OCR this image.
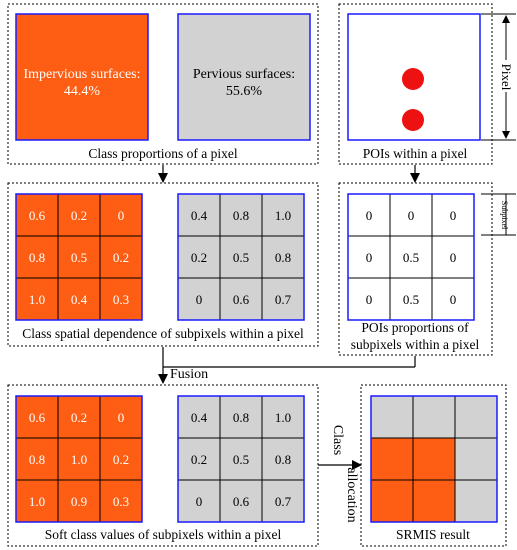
Impervious surfaces:
44.4%
Pervious surfaces:
55.6%
Class proportions of a pixel	POIs within a pixel
Pixel
0.6 0.2 0
0.8 0.5 0.2
1.0 0.4 0.3
0.4 0.8 1.0
0.2 0.5 0.8
0 0.6 0.7
Class spatial dependence of subpixels within a pixel
0	0	0
0 0.5 0
0 0.5 0
POIs proportions of
subpixels within a pixel
Subpixel
Fusion
0.6 0.2 0
0.8 1.0 0.2
1.0 0.9 0.3
0.4 0.8 1.0
0.2 0.5 0.8
0 0.6 0.7
Soft class values of subpixels within a pixel
Class
allocation
SRMIS result
